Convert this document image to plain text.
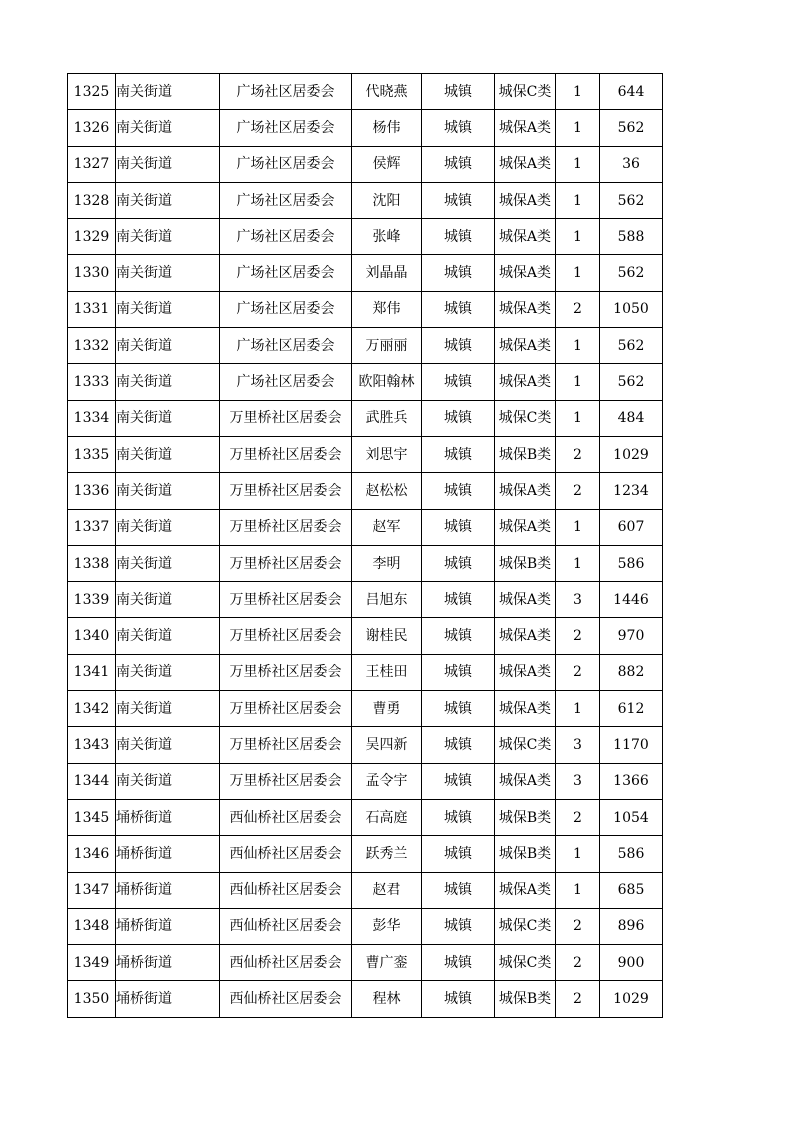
1325	南关街道	广场社区居委会	代晓燕	城镇	城保C类	1	644
1326	南关街道	广场社区居委会	杨伟	城镇	城保A类	1	562
1327	南关街道	广场社区居委会	侯辉	城镇	城保A类	1	36
1328	南关街道	广场社区居委会	沈阳	城镇	城保A类	1	562
1329	南关街道	广场社区居委会	张峰	城镇	城保A类	1	588
1330	南关街道	广场社区居委会	刘晶晶	城镇	城保A类	1	562
1331	南关街道	广场社区居委会	郑伟	城镇	城保A类	2	1050
1332	南关街道	广场社区居委会	万丽丽	城镇	城保A类	1	562
1333	南关街道	广场社区居委会	欧阳翰林	城镇	城保A类	1	562
1334	南关街道	万里桥社区居委会	武胜兵	城镇	城保C类	1	484
1335	南关街道	万里桥社区居委会	刘思宇	城镇	城保B类	2	1029
1336	南关街道	万里桥社区居委会	赵松松	城镇	城保A类	2	1234
1337	南关街道	万里桥社区居委会	赵军	城镇	城保A类	1	607
1338	南关街道	万里桥社区居委会	李明	城镇	城保B类	1	586
1339	南关街道	万里桥社区居委会	吕旭东	城镇	城保A类	3	1446
1340	南关街道	万里桥社区居委会	谢桂民	城镇	城保A类	2	970
1341	南关街道	万里桥社区居委会	王桂田	城镇	城保A类	2	882
1342	南关街道	万里桥社区居委会	曹勇	城镇	城保A类	1	612
1343	南关街道	万里桥社区居委会	吴四新	城镇	城保C类	3	1170
1344	南关街道	万里桥社区居委会	孟令宇	城镇	城保A类	3	1366
1345	埇桥街道	西仙桥社区居委会	石高庭	城镇	城保B类	2	1054
1346	埇桥街道	西仙桥社区居委会	跃秀兰	城镇	城保B类	1	586
1347	埇桥街道	西仙桥社区居委会	赵君	城镇	城保A类	1	685
1348	埇桥街道	西仙桥社区居委会	彭华	城镇	城保C类	2	896
1349	埇桥街道	西仙桥社区居委会	曹广銮	城镇	城保C类	2	900
1350	埇桥街道	西仙桥社区居委会	程林	城镇	城保B类	2	1029
